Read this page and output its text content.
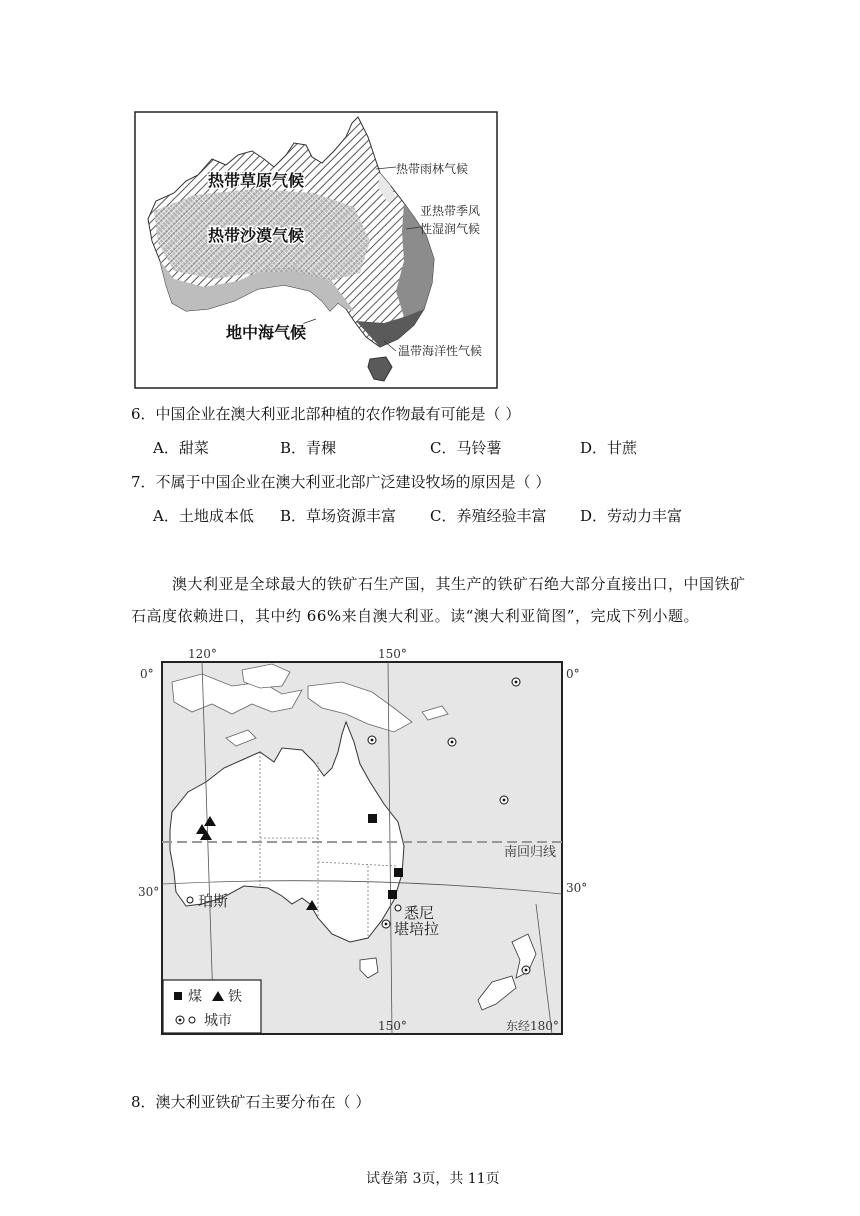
热带草原气候
热带沙漠气候
地中海气候
热带雨林气候
亚热带季风
性湿润气候
温带海洋性气候
6．中国企业在澳大利亚北部种植的农作物最有可能是（ ）
A．甜菜	B．青稞	C．马铃薯	D．甘蔗
7．不属于中国企业在澳大利亚北部广泛建设牧场的原因是（ ）
A．土地成本低 B．草场资源丰富 C．养殖经验丰富 D．劳动力丰富
澳大利亚是全球最大的铁矿石生产国，其生产的铁矿石绝大部分直接出口，中国铁矿
石高度依赖进口，其中约 66%来自澳大利亚。读“澳大利亚简图”，完成下列小题。
120°	150°
0°	0°
30°	30°
南回归线
珀斯
悉尼
堪培拉
150°	东经180°
煤 铁
城市
8．澳大利亚铁矿石主要分布在（ ）
试卷第 3页，共 11页
